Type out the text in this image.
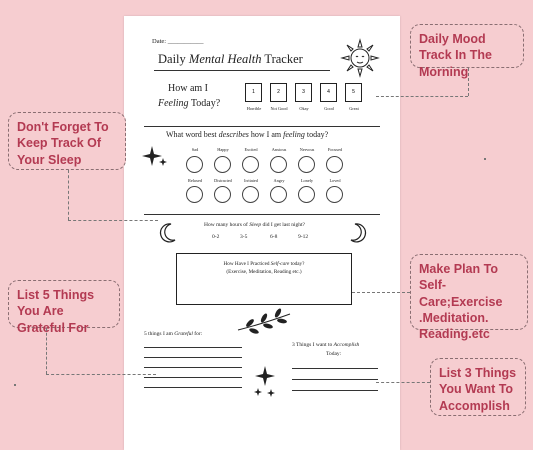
Date: ___________
Daily Mental Health Tracker
How am I
Feeling Today?
1	2	3	4	5
Horrible	Not Good	Okay	Good	Great
What word best describes how I am feeling today?
Sad	Happy	Excited	Anxious	Nervous	Focused
Relaxed	Distracted	Irritated	Angry	Lonely	Loved
How many hours of Sleep did I get last night?
0-2	3-5	6-8	9-12
How Have I Practiced Self-care today?
(Exercise, Meditation, Reading etc.)
5 things I am Grateful for:
3 Things I want to Accomplish
Today:
Daily Mood Track In The Morning
Don't Forget To Keep Track Of Your Sleep
List 5 Things You Are Grateful For
Make Plan To Self-Care;Exercise .Meditation. Reading.etc
List 3 Things You Want To Accomplish
